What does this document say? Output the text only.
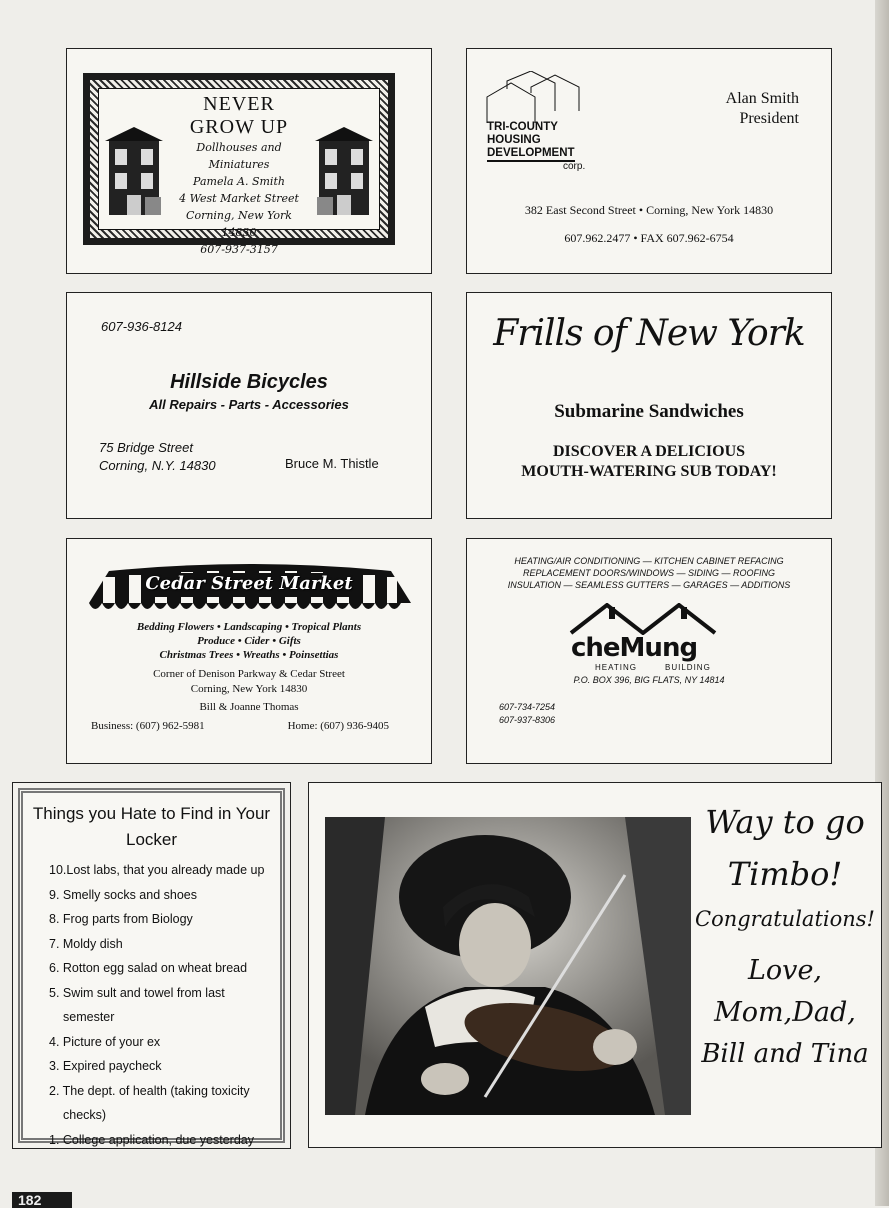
NEVER GROW UP
Dollhouses and Miniatures
Pamela A. Smith
4 West Market Street
Corning, New York 14830
607-937-3157
TRI-COUNTY
HOUSING
DEVELOPMENT
corp.
Alan Smith
President
382 East Second Street • Corning, New York 14830
607.962.2477 • FAX 607.962-6754
607-936-8124
Hillside Bicycles
All Repairs - Parts - Accessories
75 Bridge Street
Corning, N.Y. 14830	Bruce M. Thistle
Frills of New York
Submarine Sandwiches
DISCOVER A DELICIOUS
MOUTH-WATERING SUB TODAY!
Cedar Street Market
Bedding Flowers • Landscaping • Tropical Plants
Produce • Cider • Gifts
Christmas Trees • Wreaths • Poinsettias
Corner of Denison Parkway & Cedar Street
Corning, New York 14830
Bill & Joanne Thomas
Business: (607) 962-5981	Home: (607) 936-9405
HEATING/AIR CONDITIONING — KITCHEN CABINET REFACING
REPLACEMENT DOORS/WINDOWS — SIDING — ROOFING
INSULATION — SEAMLESS GUTTERS — GARAGES — ADDITIONS
cheMung
HEATING	BUILDING
P.O. BOX 396, BIG FLATS, NY 14814
607-734-7254
607-937-8306
Things you Hate to Find in Your
Locker
10.Lost labs, that you already made up
9. Smelly socks and shoes
8. Frog parts from Biology
7. Moldy dish
6. Rotton egg salad on wheat bread
5. Swim sult and towel from last
semester
4. Picture of your ex
3. Expired paycheck
2. The dept. of health (taking toxicity
checks)
1. College application, due yesterday
Way to go
Timbo!
Congratulations!
Love,
Mom,Dad,
Bill and Tina
182
